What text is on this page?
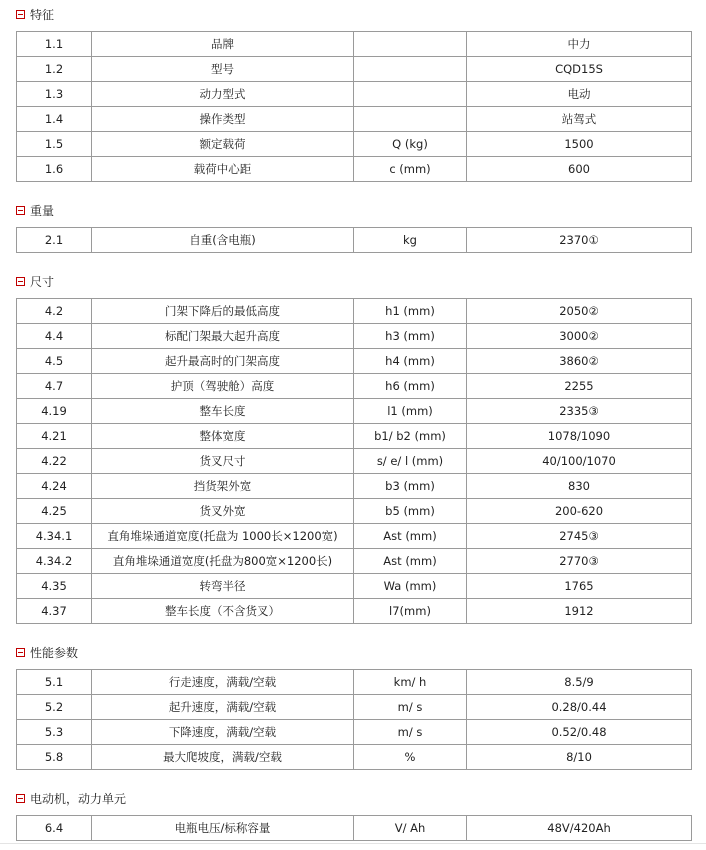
特征
1.1	品牌		中力
1.2	型号		CQD15S
1.3	动力型式		电动
1.4	操作类型		站驾式
1.5	额定载荷	Q (kg)	1500
1.6	载荷中心距	c (mm)	600
重量
2.1	自重(含电瓶)	kg	2370①
尺寸
4.2	门架下降后的最低高度	h1 (mm)	2050②
4.4	标配门架最大起升高度	h3 (mm)	3000②
4.5	起升最高时的门架高度	h4 (mm)	3860②
4.7	护顶（驾驶舱）高度	h6 (mm)	2255
4.19	整车长度	l1 (mm)	2335③
4.21	整体宽度	b1/ b2 (mm)	1078/1090
4.22	货叉尺寸	s/ e/ l (mm)	40/100/1070
4.24	挡货架外宽	b3 (mm)	830
4.25	货叉外宽	b5 (mm)	200-620
4.34.1	直角堆垛通道宽度(托盘为 1000长×1200宽)	Ast (mm)	2745③
4.34.2	直角堆垛通道宽度(托盘为800宽×1200长)	Ast (mm)	2770③
4.35	转弯半径	Wa (mm)	1765
4.37	整车长度（不含货叉）	l7(mm)	1912
性能参数
5.1	行走速度，满载/空载	km/ h	8.5/9
5.2	起升速度，满载/空载	m/ s	0.28/0.44
5.3	下降速度，满载/空载	m/ s	0.52/0.48
5.8	最大爬坡度，满载/空载	%	8/10
电动机，动力单元
6.4	电瓶电压/标称容量	V/ Ah	48V/420Ah
